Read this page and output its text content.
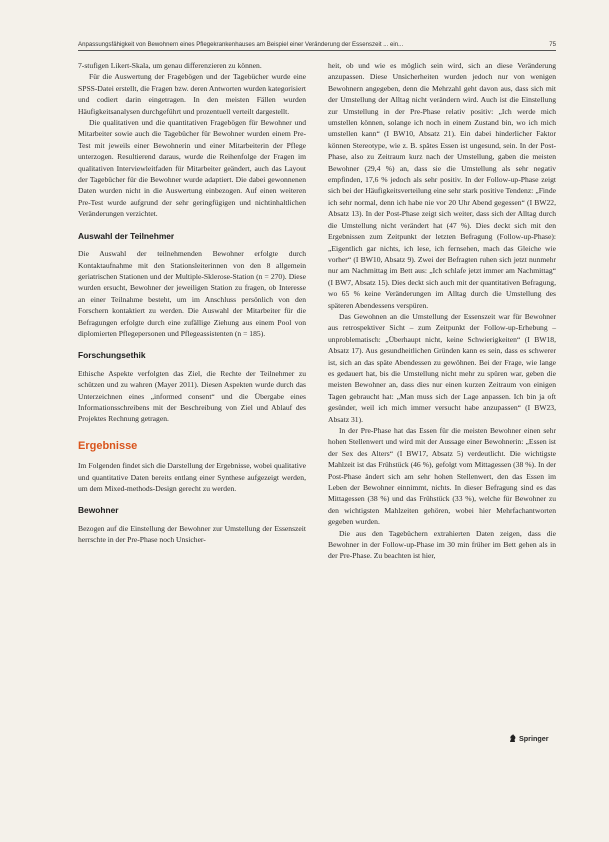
Anpassungsfähigkeit von Bewohnern eines Pflegekrankenhauses am Beispiel einer Veränderung der Essenszeit ... ein...	75

7-stufigen Likert-Skala, um genau differenzieren zu können.

Für die Auswertung der Fragebögen und der Tagebücher wurde eine SPSS-Datei erstellt, die Fragen bzw. deren Antworten wurden kategorisiert und codiert darin eingetragen. In den meisten Fällen wurden Häufigkeitsanalysen durchgeführt und prozentuell verteilt dargestellt.

Die qualitativen und die quantitativen Fragebögen für Bewohner und Mitarbeiter sowie auch die Tagebücher für Bewohner wurden einem Pre-Test mit jeweils einer Bewohnerin und einer Mitarbeiterin der Pflege unterzogen. Resultierend daraus, wurde die Reihenfolge der Fragen im qualitativen Interviewleitfaden für Mitarbeiter geändert, auch das Layout der Tagebücher für die Bewohner wurde adaptiert. Die dabei gewonnenen Daten wurden nicht in die Auswertung einbezogen. Auf einen weiteren Pre-Test wurde aufgrund der sehr geringfügigen und nichtinhaltlichen Veränderungen verzichtet.

Auswahl der Teilnehmer

Die Auswahl der teilnehmenden Bewohner erfolgte durch Kontaktaufnahme mit den Stationsleiterinnen von den 8 allgemein geriatrischen Stationen und der Multiple-Sklerose-Station (n = 270). Diese wurden ersucht, Bewohner der jeweiligen Station zu fragen, ob Interesse an einer Teilnahme besteht, um im Anschluss persönlich von den Forschern kontaktiert zu werden. Die Auswahl der Mitarbeiter für die Befragungen erfolgte durch eine zufällige Ziehung aus einem Pool von diplomierten Pflegepersonen und Pflegeassistenten (n = 185).

Forschungsethik

Ethische Aspekte verfolgten das Ziel, die Rechte der Teilnehmer zu schützen und zu wahren (Mayer 2011). Diesen Aspekten wurde durch das Unterzeichnen eines „informed consent“ und die Übergabe eines Informationsschreibens mit der Beschreibung von Ziel und Ablauf des Projektes Rechnung getragen.

Ergebnisse

Im Folgenden findet sich die Darstellung der Ergebnisse, wobei qualitative und quantitative Daten bereits entlang einer Synthese aufgezeigt werden, um dem Mixed-methods-Design gerecht zu werden.

Bewohner

Bezogen auf die Einstellung der Bewohner zur Umstellung der Essenszeit herrschte in der Pre-Phase noch Unsicher-

heit, ob und wie es möglich sein wird, sich an diese Veränderung anzupassen. Diese Unsicherheiten wurden jedoch nur von wenigen Bewohnern angegeben, denn die Mehrzahl geht davon aus, dass sich mit der Umstellung der Alltag nicht verändern wird. Auch ist die Einstellung zur Umstellung in der Pre-Phase relativ positiv: „Ich werde mich umstellen können, solange ich noch in einem Zustand bin, wo ich mich umstellen kann“ (I BW10, Absatz 21). Ein dabei hinderlicher Faktor können Stereotype, wie z. B. spätes Essen ist ungesund, sein. In der Post-Phase, also zu Zeitraum kurz nach der Umstellung, gaben die meisten Bewohner (29,4 %) an, dass sie die Umstellung als sehr negativ empfinden, 17,6 % jedoch als sehr positiv. In der Follow-up-Phase zeigt sich bei der Häufigkeitsverteilung eine sehr stark positive Tendenz: „Finde ich sehr normal, denn ich habe nie vor 20 Uhr Abend gegessen“ (I BW22, Absatz 13). In der Post-Phase zeigt sich weiter, dass sich der Alltag durch die Umstellung nicht verändert hat (47 %). Dies deckt sich mit den Ergebnissen zum Zeitpunkt der letzten Befragung (Follow-up-Phase): „Eigentlich gar nichts, ich lese, ich fernsehen, mach das Gleiche wie vorher“ (I BW10, Absatz 9). Zwei der Befragten ruhen sich jetzt nunmehr nur am Nachmittag im Bett aus: „Ich schlafe jetzt immer am Nachmittag“ (I BW7, Absatz 15). Dies deckt sich auch mit der quantitativen Befragung, wo 65 % keine Veränderungen im Alltag durch die Umstellung des späteren Abendessens verspüren.

Das Gewohnen an die Umstellung der Essenszeit war für Bewohner aus retrospektiver Sicht – zum Zeitpunkt der Follow-up-Erhebung – unproblematisch: „Überhaupt nicht, keine Schwierigkeiten“ (I BW18, Absatz 17). Aus gesundheitlichen Gründen kann es sein, dass es schwerer ist, sich an das späte Abendessen zu gewöhnen. Bei der Frage, wie lange es gedauert hat, bis die Umstellung nicht mehr zu spüren war, geben die meisten Bewohner an, dass dies nur einen kurzen Zeitraum von einigen Tagen gebraucht hat: „Man muss sich der Lage anpassen. Ich bin ja oft gesünder, weil ich mich immer versucht habe anzupassen“ (I BW23, Absatz 31).

In der Pre-Phase hat das Essen für die meisten Bewohner einen sehr hohen Stellenwert und wird mit der Aussage einer Bewohnerin: „Essen ist der Sex des Alters“ (I BW17, Absatz 5) verdeutlicht. Die wichtigste Mahlzeit ist das Frühstück (46 %), gefolgt vom Mittagessen (38 %). In der Post-Phase ändert sich am sehr hohen Stellenwert, den das Essen im Leben der Bewohner einnimmt, nichts. In dieser Befragung sind es das Mittagessen (38 %) und das Frühstück (33 %), welche für Bewohner zu den wichtigsten Mahlzeiten gehören, wobei hier Mehrfachantworten gegeben wurden.

Die aus den Tagebüchern extrahierten Daten zeigen, dass die Bewohner in der Follow-up-Phase im 30 min früher im Bett gehen als in der Pre-Phase. Zu beachten ist hier,

Springer
